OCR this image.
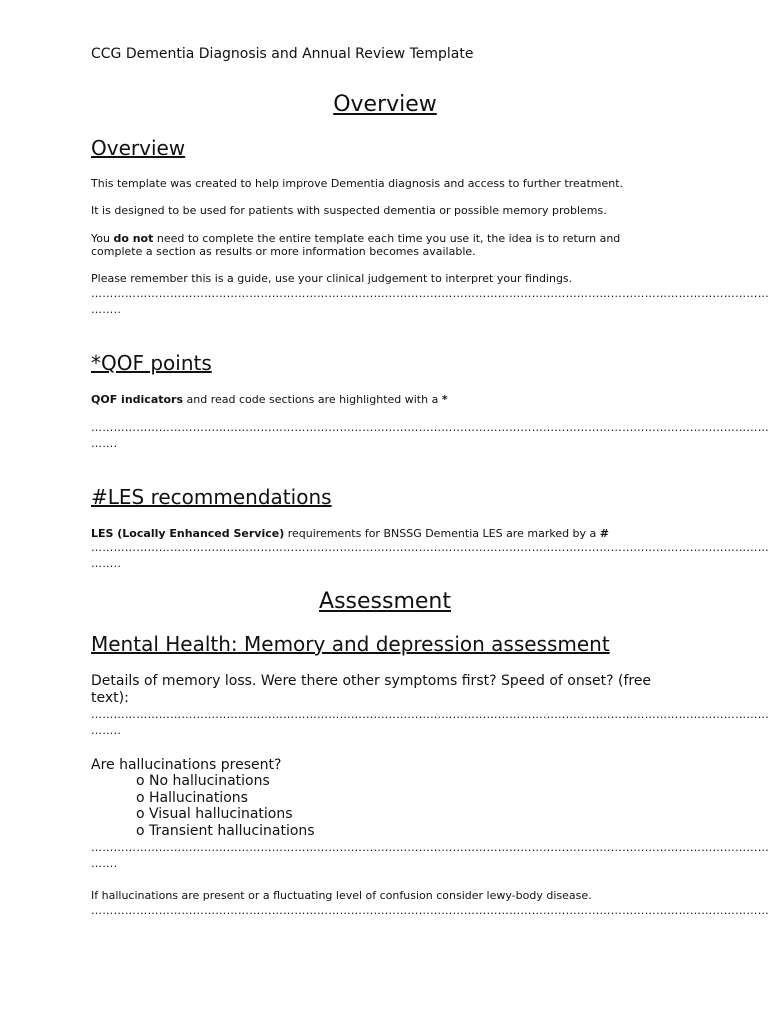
CCG Dementia Diagnosis and Annual Review Template
Overview
Overview
This template was created to help improve Dementia diagnosis and access to further treatment.
It is designed to be used for patients with suspected dementia or possible memory problems.
You do not need to complete the entire template each time you use it, the idea is to return and complete a section as results or more information becomes available.
Please remember this is a guide, use your clinical judgement to interpret your findings.
………………………………………………………………………………………………………………………………………………………………
……..
*QOF points
QOF indicators and read code sections are highlighted with a *
………………………………………………………………………………………………………………………………………………………………
…….
#LES recommendations
LES (Locally Enhanced Service) requirements for BNSSG Dementia LES are marked by a #
………………………………………………………………………………………………………………………………………………………………
……..
Assessment
Mental Health: Memory and depression assessment
Details of memory loss. Were there other symptoms first? Speed of onset? (free text):
………………………………………………………………………………………………………………………………………………………………
……..
Are hallucinations present?
o No hallucinations
o Hallucinations
o Visual hallucinations
o Transient hallucinations
………………………………………………………………………………………………………………………………………………………………
…….
If hallucinations are present or a fluctuating level of confusion consider lewy-body disease.
………………………………………………………………………………………………………………………………………………………………
